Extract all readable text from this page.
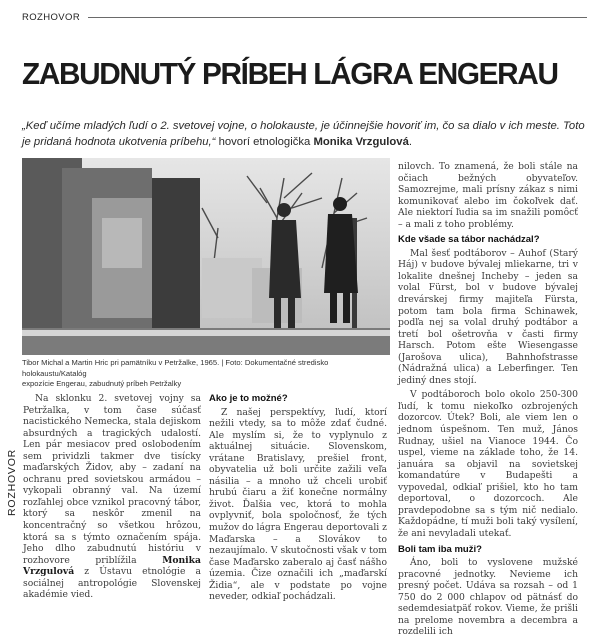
ROZHOVOR
ZABUDNUTÝ PRÍBEH LÁGRA ENGERAU

„Keď učíme mladých ľudí o 2. svetovej vojne, o holokauste, je účinnejšie hovoriť im, čo sa dialo v ich meste. Toto je pridaná hodnota ukotvenia príbehu,“ hovorí etnologička Monika Vrzgulová.

Tibor Michal a Martin Hric pri pamätníku v Petržalke, 1965. | Foto: Dokumentačné stredisko holokaustu/Katalóg
expozície Engerau, zabudnutý príbeh Petržalky

ROZHOVOR

Na sklonku 2. svetovej vojny sa Petržalka, v tom čase súčasť nacistického Nemecka, stala dejiskom absurdných a tragických udalostí. Len pár mesiacov pred oslobodením sem prividzli takmer dve tisícky maďarských Židov, aby – zadaní na ochranu pred sovietskou armádou – vykopali obranný val. Na území rozľahlej obce vznikol pracovný tábor, ktorý sa neskôr zmenil na koncentračný so všetkou hrôzou, ktorá sa s týmto označením spája. Jeho dlho zabudnutú históriu v rozhovore priblížila Monika Vrzgulová z Ústavu etnológie a sociálnej antropológie Slovenskej akadémie vied.

Ako je to možné?

Z našej perspektívy, ľudí, ktorí nežili vtedy, sa to môže zdať čudné. Ale myslím si, že to vyplynulo z aktuálnej situácie. Slovenskom, vrátane Bratislavy, prešiel front, obyvatelia už boli určite zažili veľa násilia – a mnoho už chceli urobiť hrubú čiaru a žiť konečne normálny život. Ďalšia vec, ktorá to mohla ovplyvniť, bola spoločnosť, že tých mužov do lágra Engerau deportovali z Maďarska – a Slovákov to nezaujímalo. V skutočnosti však v tom čase Maďarsko zaberalo aj časť nášho územia. Čize označili ich „maďarskí Židia“, ale v podstate po vojne neveder, odkiaľ pochádzali.

nilovch. To znamená, že boli stále na očiach bežných obyvateľov. Samozrejme, mali prísny zákaz s nimi komunikovať alebo im čokoľvek dať. Ale niektorí ľudia sa im snažili pomôcť – a mali z toho problémy.

Kde všade sa tábor nachádzal?

Mal šesť podtáborov – Auhof (Starý Háj) v budove bývalej mliekarne, tri v lokalite dnešnej Incheby – jeden sa volal Fürst, bol v budove bývalej drevárskej firmy majiteľa Fürsta, potom tam bola firma Schinawek, podľa nej sa volal druhý podtábor a tretí bol ošetrovňa v časti firmy Harsch. Potom ešte Wiesengasse (Jarošova ulica), Bahnhofstrasse (Nádražná ulica) a Leberfinger. Ten jediný dnes stojí.

V podtáboroch bolo okolo 250-300 ľudí, k tomu niekoľko ozbrojených dozorcov. Útek? Boli, ale viem len o jednom úspešnom. Ten muž, János Rudnay, ušiel na Vianoce 1944. Čo uspel, vieme na základe toho, že 14. januára sa objavil na sovietskej komandatúre v Budapešti a vypovedal, odkiaľ prišiel, kto ho tam deportoval, o dozorcoch. Ale pravdepodobne sa s tým nič nedialo. Každopádne, tí muži boli taký vysílení, že ani nevyladali utekať.

Boli tam iba muži?

Áno, boli to vyslovene mužské pracovné jednotky. Nevieme ich presný počet. Udáva sa rozsah – od 1 750 do 2 000 chlapov od pätnásť do sedemdesiatpäť rokov. Vieme, že prišli na prelome novembra a decembra a rozdelili ich
